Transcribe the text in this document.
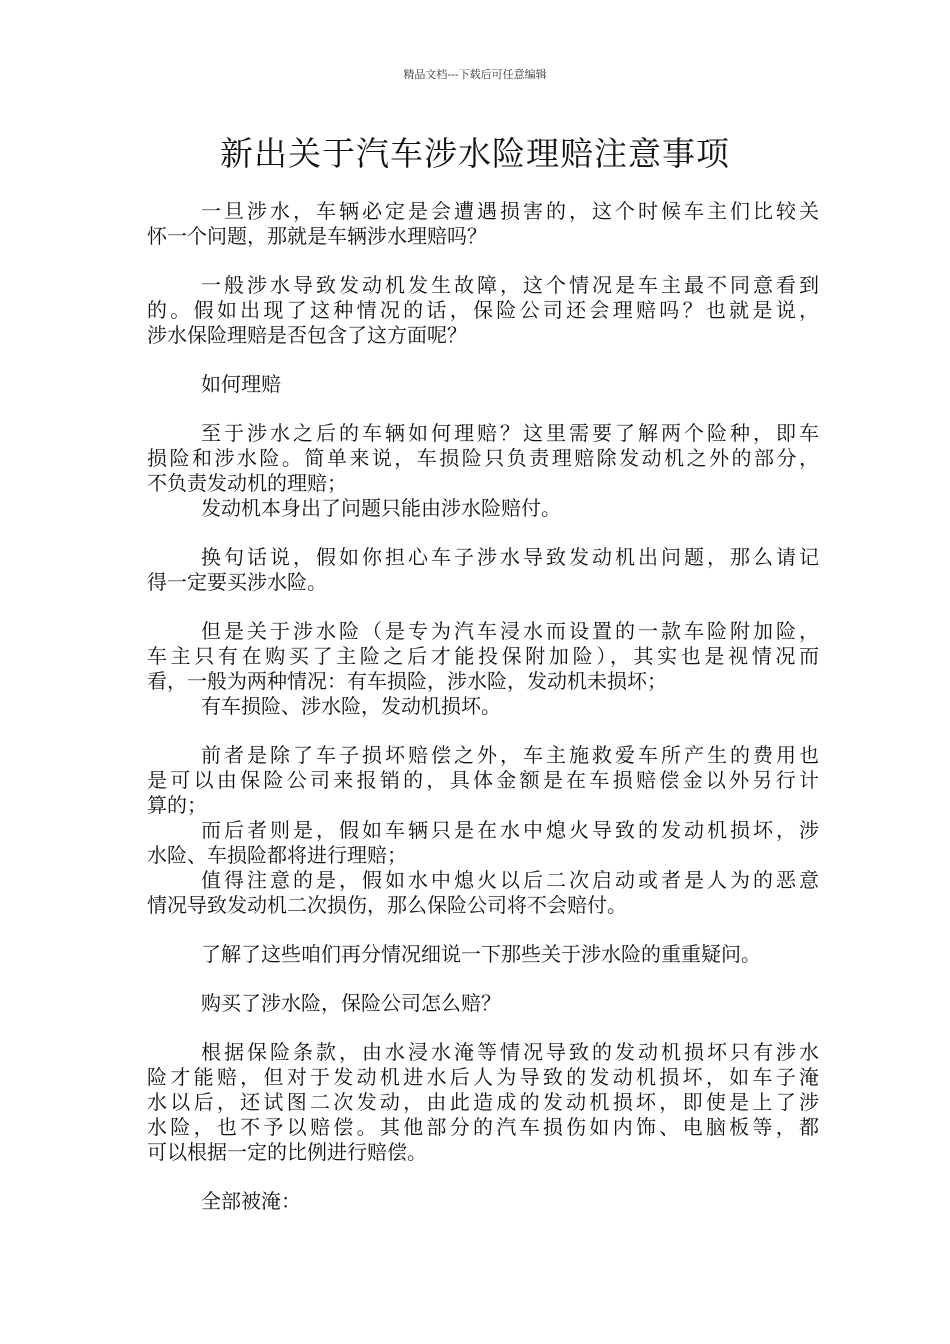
精品文档---下载后可任意编辑
新出关于汽车涉水险理赔注意事项

一旦涉水，车辆必定是会遭遇损害的，这个时候车主们比较关
怀一个问题，那就是车辆涉水理赔吗？

一般涉水导致发动机发生故障，这个情况是车主最不同意看到
的。假如出现了这种情况的话，保险公司还会理赔吗？也就是说，
涉水保险理赔是否包含了这方面呢？

如何理赔

至于涉水之后的车辆如何理赔？这里需要了解两个险种，即车
损险和涉水险。简单来说，车损险只负责理赔除发动机之外的部分，
不负责发动机的理赔；
发动机本身出了问题只能由涉水险赔付。

换句话说，假如你担心车子涉水导致发动机出问题，那么请记
得一定要买涉水险。

但是关于涉水险（是专为汽车浸水而设置的一款车险附加险，
车主只有在购买了主险之后才能投保附加险），其实也是视情况而
看，一般为两种情况：有车损险，涉水险，发动机未损坏；
有车损险、涉水险，发动机损坏。

前者是除了车子损坏赔偿之外，车主施救爱车所产生的费用也
是可以由保险公司来报销的，具体金额是在车损赔偿金以外另行计
算的；
而后者则是，假如车辆只是在水中熄火导致的发动机损坏，涉
水险、车损险都将进行理赔；
值得注意的是，假如水中熄火以后二次启动或者是人为的恶意
情况导致发动机二次损伤，那么保险公司将不会赔付。

了解了这些咱们再分情况细说一下那些关于涉水险的重重疑问。

购买了涉水险，保险公司怎么赔？

根据保险条款，由水浸水淹等情况导致的发动机损坏只有涉水
险才能赔，但对于发动机进水后人为导致的发动机损坏，如车子淹
水以后，还试图二次发动，由此造成的发动机损坏，即使是上了涉
水险，也不予以赔偿。其他部分的汽车损伤如内饰、电脑板等，都
可以根据一定的比例进行赔偿。

全部被淹：
